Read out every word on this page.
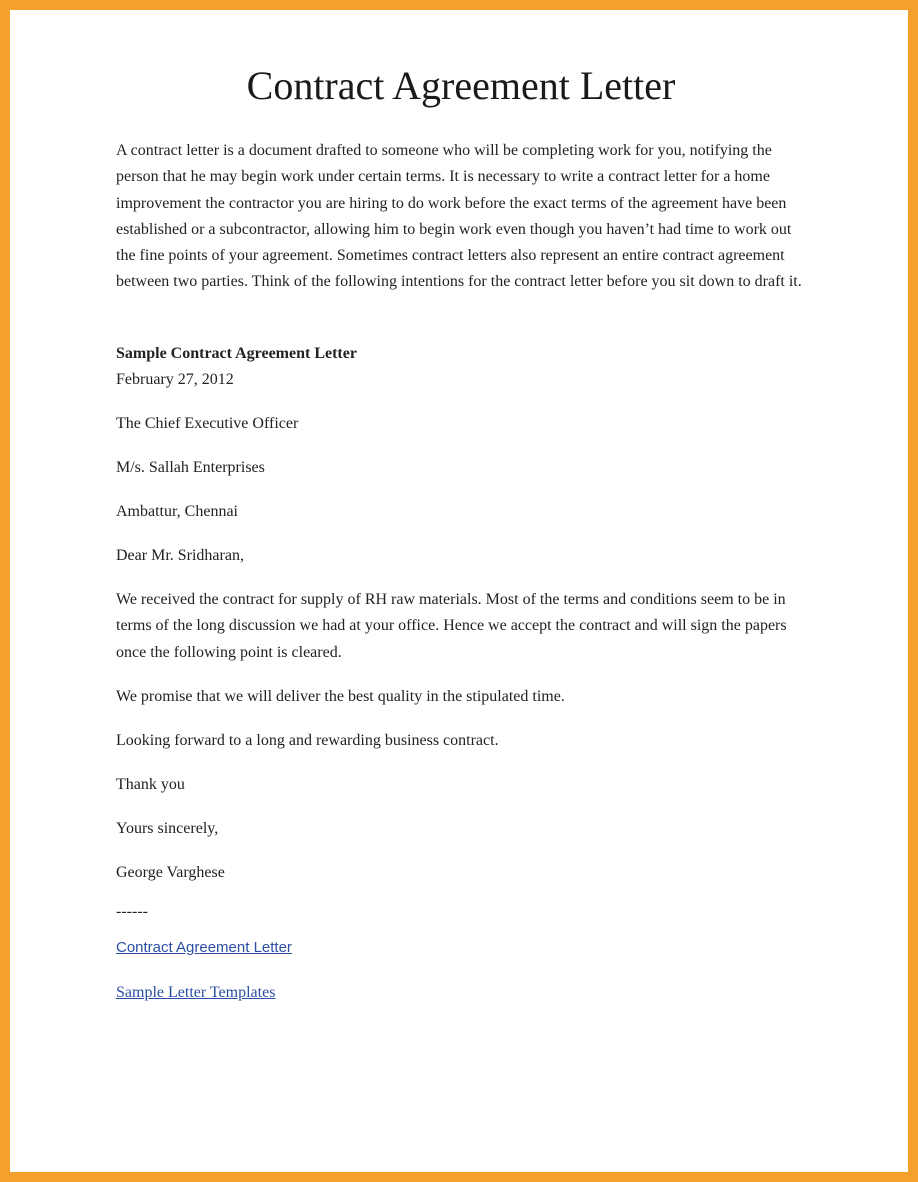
Contract Agreement Letter

A contract letter is a document drafted to someone who will be completing work for you, notifying the person that he may begin work under certain terms. It is necessary to write a contract letter for a home improvement the contractor you are hiring to do work before the exact terms of the agreement have been established or a subcontractor, allowing him to begin work even though you haven’t had time to work out the fine points of your agreement. Sometimes contract letters also represent an entire contract agreement between two parties. Think of the following intentions for the contract letter before you sit down to draft it.

Sample Contract Agreement Letter

February 27, 2012

The Chief Executive Officer

M/s. Sallah Enterprises

Ambattur, Chennai

Dear Mr. Sridharan,

We received the contract for supply of RH raw materials. Most of the terms and conditions seem to be in terms of the long discussion we had at your office. Hence we accept the contract and will sign the papers once the following point is cleared.

We promise that we will deliver the best quality in the stipulated time.

Looking forward to a long and rewarding business contract.

Thank you

Yours sincerely,

George Varghese

------

Contract Agreement Letter
Sample Letter Templates
